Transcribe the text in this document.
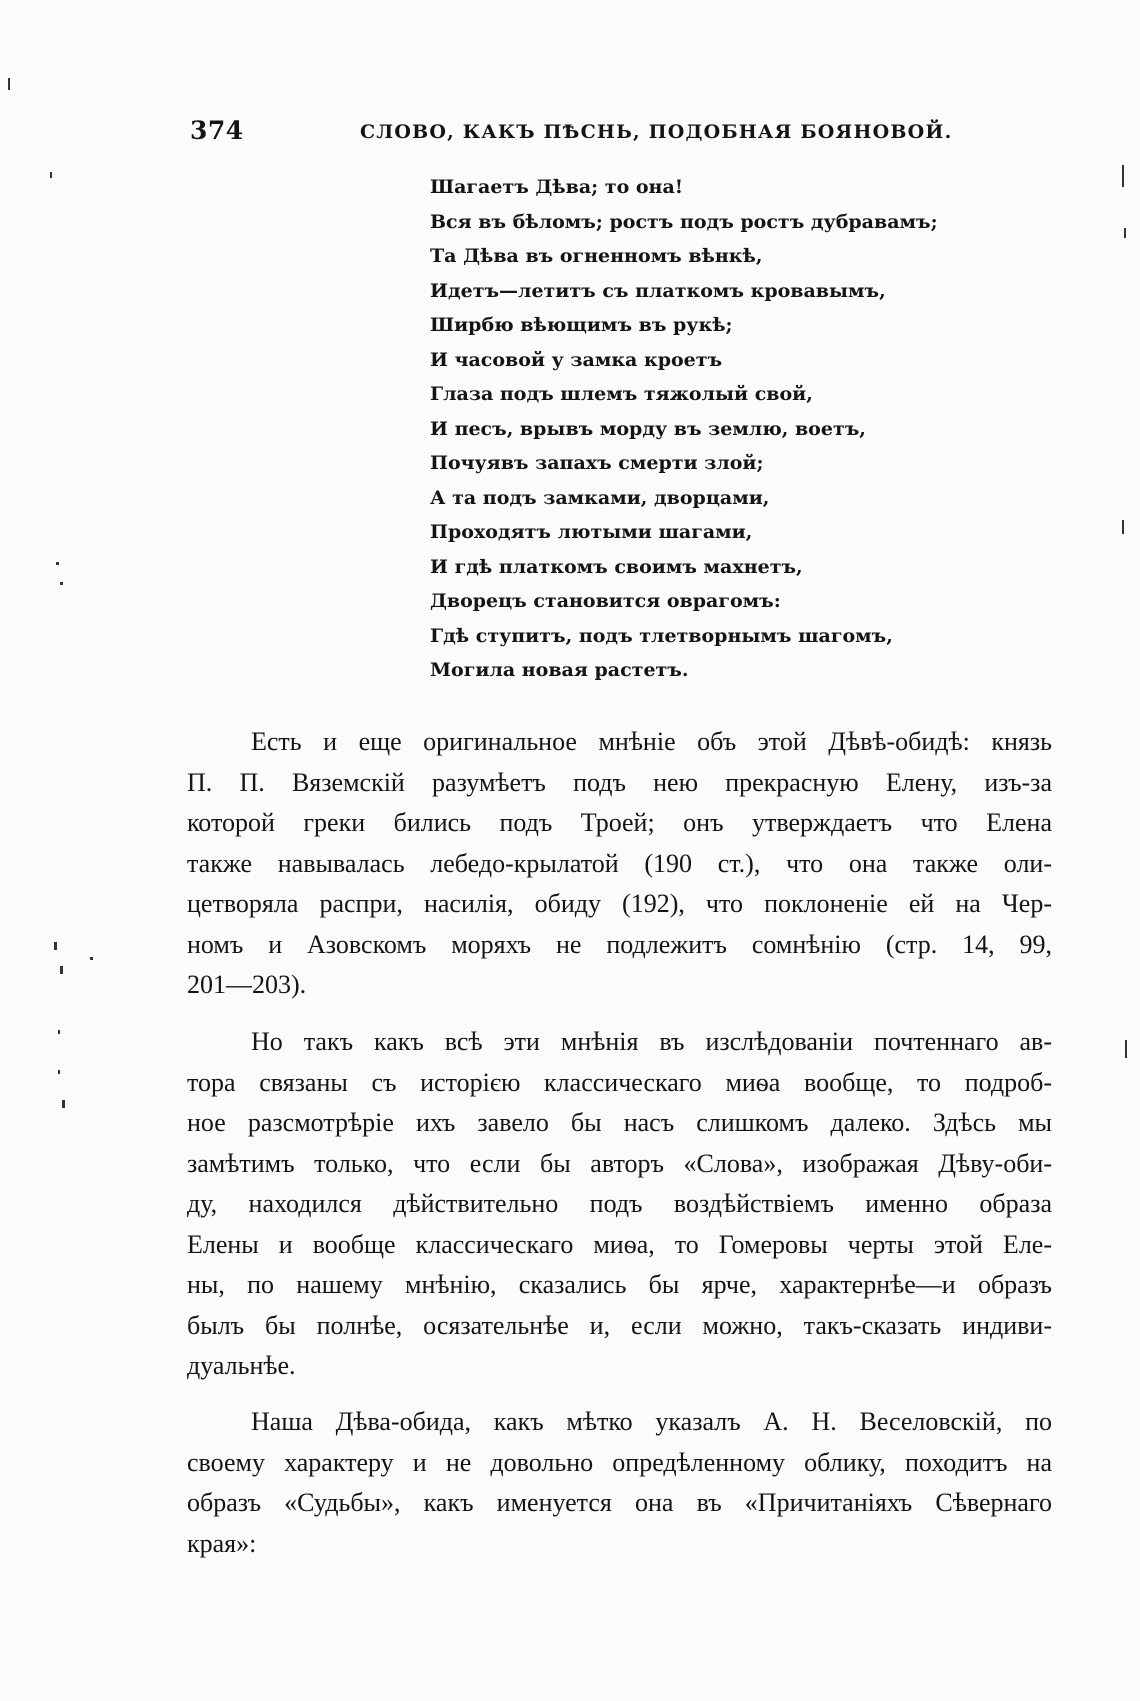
374	СЛОВО, КАКЪ ПѢСНЬ, ПОДОБНАЯ БОЯНОВОЙ.
Шагаетъ Дѣва; то она!
Вся въ бѣломъ; ростъ подъ ростъ дубравамъ;
Та Дѣва въ огненномъ вѣнкѣ,
Идетъ—летитъ съ платкомъ кровавымъ,
Ширбю вѣющимъ въ рукѣ;
И часовой у замка кроетъ
Глаза подъ шлемъ тяжолый свой,
И песъ, врывъ морду въ землю, воетъ,
Почуявъ запахъ смерти злой;
А та подъ замками, дворцами,
Проходятъ лютыми шагами,
И гдѣ платкомъ своимъ махнетъ,
Дворецъ становится оврагомъ:
Гдѣ ступитъ, подъ тлетворнымъ шагомъ,
Могила новая растетъ.
Есть и еще оригинальное мнѣніе объ этой Дѣвѣ-обидѣ: князь
П. П. Вяземскій разумѣетъ подъ нею прекрасную Елену, изъ-за
которой греки бились подъ Троей; онъ утверждаетъ что Елена
также навывалась лебедо-крылатой (190 ст.), что она также оли-
цетворяла распри, насилія, обиду (192), что поклоненіе ей на Чер-
номъ и Азовскомъ моряхъ не подлежитъ сомнѣнію (стр. 14, 99,
201—203).
Но такъ какъ всѣ эти мнѣнія въ изслѣдованіи почтеннаго ав-
тора связаны съ исторією классическаго миѳа вообще, то подроб-
ное разсмотрѣріе ихъ завело бы насъ слишкомъ далеко. Здѣсь мы
замѣтимъ только, что если бы авторъ «Слова», изображая Дѣву-оби-
ду, находился дѣйствительно подъ воздѣйствіемъ именно образа
Елены и вообще классическаго миѳа, то Гомеровы черты этой Еле-
ны, по нашему мнѣнію, сказались бы ярче, характернѣе—и образъ
былъ бы полнѣе, осязательнѣе и, если можно, такъ-сказать индиви-
дуальнѣе.
Наша Дѣва-обида, какъ мѣтко указалъ А. Н. Веселовскій, по
своему характеру и не довольно опредѣленному облику, походитъ на
образъ «Судьбы», какъ именуется она въ «Причитаніяхъ Сѣвернаго
края»:
